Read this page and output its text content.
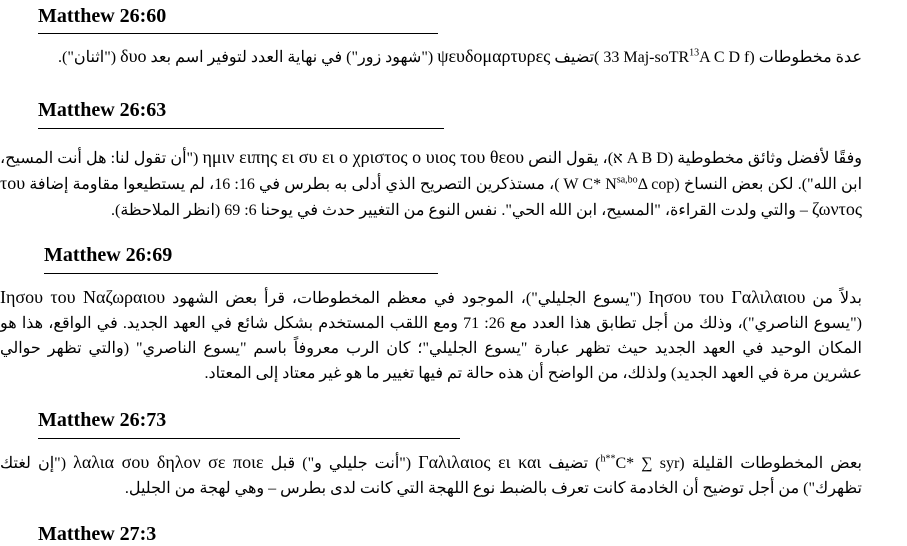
Matthew 26:60

عدة مخطوطات (A C D $f^{13}$ 33 Maj-soTR)تضيف ψευδομαρτυρες ("شهود زور") في نهاية العدد لتوفير اسم بعد δυο ("اثنان").

Matthew 26:63

وفقًا لأفضل وثائق مخطوطية (א A B D)، يقول النص ημιν ειπης ει συ ει ο χριστος ο υιος του θεου ("أن تقول لنا: هل أنت المسيح، ابن الله"). لكن بعض النساخ (Δ cop$^{sa,bo}$ W C* N)، مستذكرين التصريح الذي أدلى به بطرس في 16: 16، لم يستطيعوا مقاومة إضافة του ζωντος – والتي ولدت القراءة، "المسيح، ابن الله الحي". نفس النوع من التغيير حدث في يوحنا 6: 69 (انظر الملاحظة).

Matthew 26:69

بدلاً من Ιησου του Γαλιλαιου ("يسوع الجليلي")، الموجود في معظم المخطوطات، قرأ بعض الشهود Ιησου του Ναζωραιου ("يسوع الناصري")، وذلك من أجل تطابق هذا العدد مع 26: 71 ومع اللقب المستخدم بشكل شائع في العهد الجديد. في الواقع، هذا هو المكان الوحيد في العهد الجديد حيث تظهر عبارة "يسوع الجليلي"؛ كان الرب معروفاً باسم "يسوع الناصري" (والتي تظهر حوالي عشرين مرة في العهد الجديد) ولذلك، من الواضح أن هذه حالة تم فيها تغيير ما هو غير معتاد إلى المعتاد.

Matthew 26:73

بعض المخطوطات القليلة (C* ∑ syr$^{h**}$) تضيف Γαλιλαιος ει και ("أنت جليلي و") قبل λαλια σου δηλον σε ποιε ("إن لغتك تظهرك") من أجل توضيح أن الخادمة كانت تعرف بالضبط نوع اللهجة التي كانت لدى بطرس – وهي لهجة من الجليل.

Matthew 27:3
